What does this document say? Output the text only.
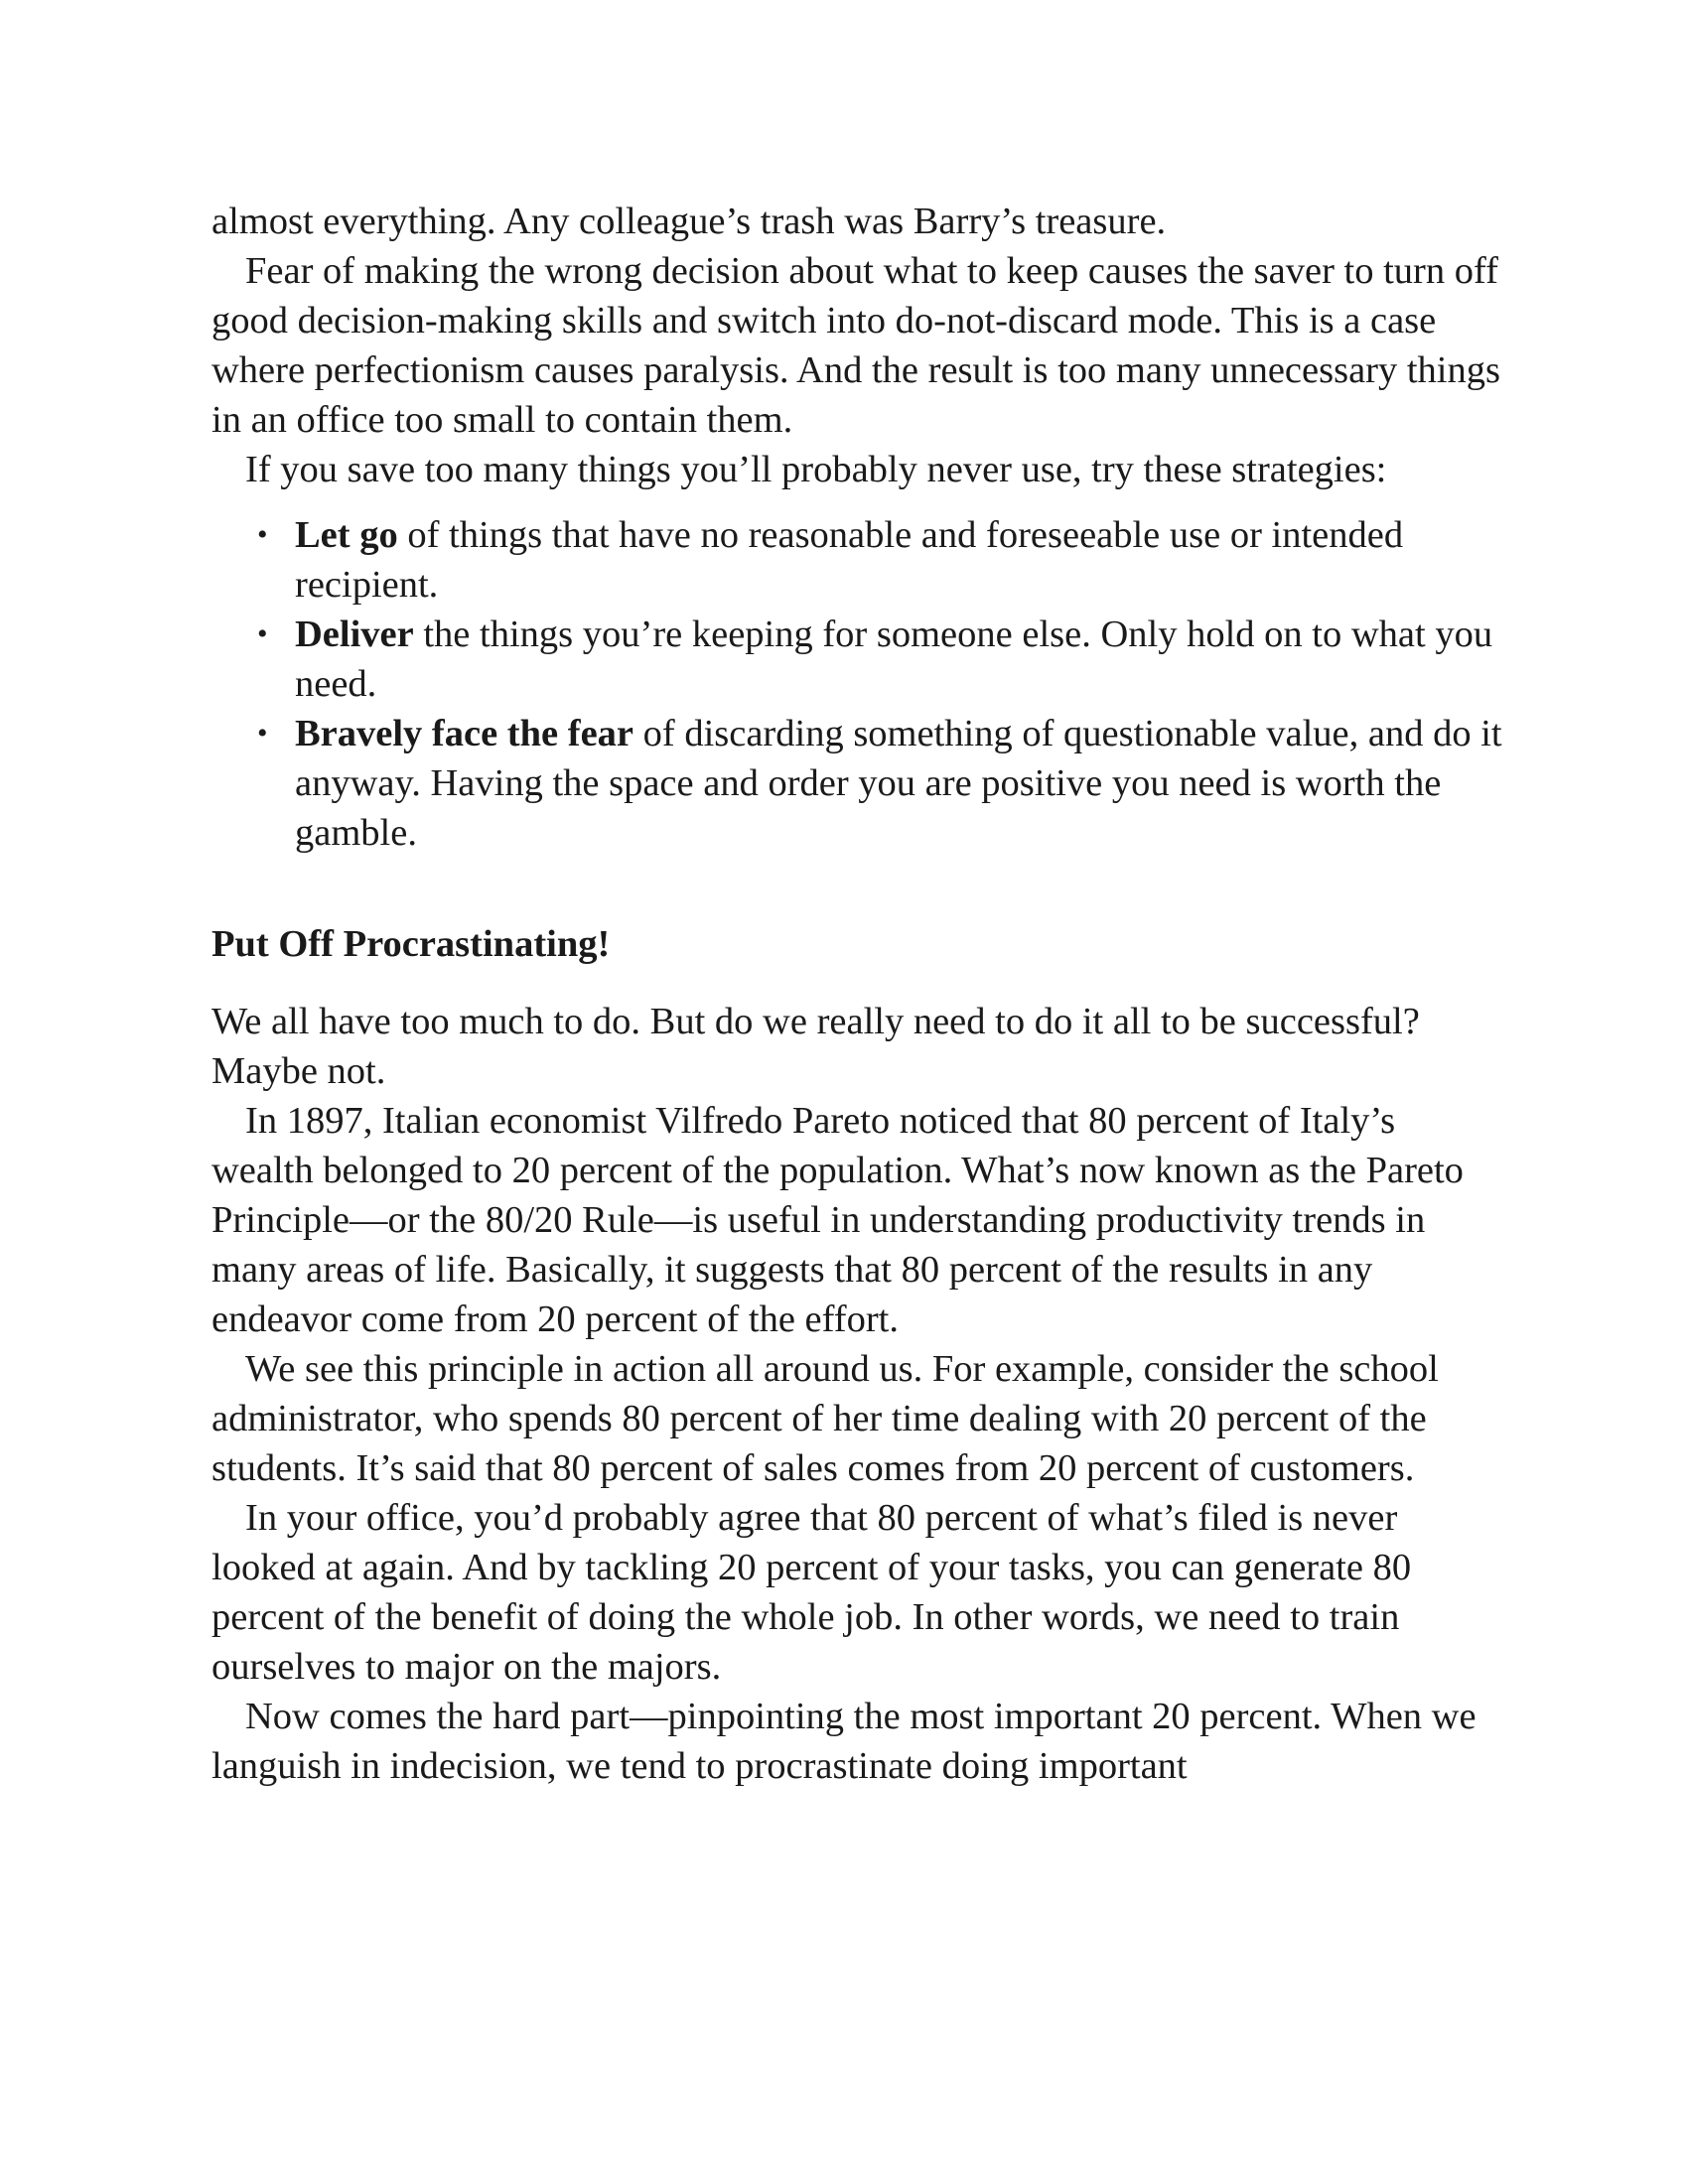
almost everything. Any colleague’s trash was Barry’s treasure.

Fear of making the wrong decision about what to keep causes the saver to turn off good decision-making skills and switch into do-not-discard mode. This is a case where perfectionism causes paralysis. And the result is too many unnecessary things in an office too small to contain them.

If you save too many things you’ll probably never use, try these strategies:

• Let go of things that have no reasonable and foreseeable use or intended recipient.
• Deliver the things you’re keeping for someone else. Only hold on to what you need.
• Bravely face the fear of discarding something of questionable value, and do it anyway. Having the space and order you are positive you need is worth the gamble.
Put Off Procrastinating!

We all have too much to do. But do we really need to do it all to be successful? Maybe not.

In 1897, Italian economist Vilfredo Pareto noticed that 80 percent of Italy’s wealth belonged to 20 percent of the population. What’s now known as the Pareto Principle—or the 80/20 Rule—is useful in understanding productivity trends in many areas of life. Basically, it suggests that 80 percent of the results in any endeavor come from 20 percent of the effort.

We see this principle in action all around us. For example, consider the school administrator, who spends 80 percent of her time dealing with 20 percent of the students. It’s said that 80 percent of sales comes from 20 percent of customers.

In your office, you’d probably agree that 80 percent of what’s filed is never looked at again. And by tackling 20 percent of your tasks, you can generate 80 percent of the benefit of doing the whole job. In other words, we need to train ourselves to major on the majors.

Now comes the hard part—pinpointing the most important 20 percent. When we languish in indecision, we tend to procrastinate doing important
